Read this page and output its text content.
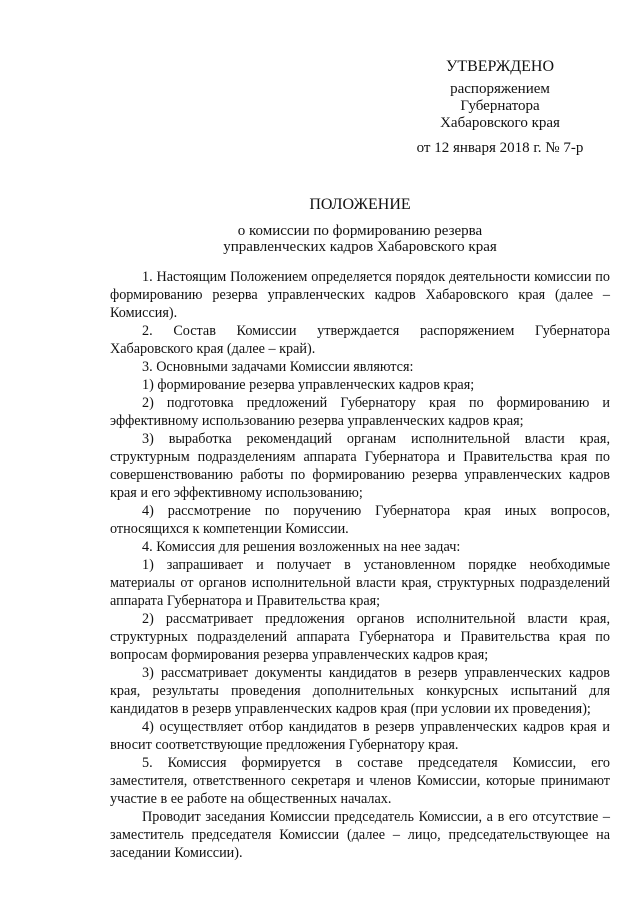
УТВЕРЖДЕНО
распоряжением
Губернатора
Хабаровского края
от 12 января 2018 г. № 7-р
ПОЛОЖЕНИЕ
о комиссии по формированию резерва
управленческих кадров Хабаровского края

1. Настоящим Положением определяется порядок деятельности комиссии по формированию резерва управленческих кадров Хабаровского края (далее – Комиссия).

2. Состав Комиссии утверждается распоряжением Губернатора Хабаровского края (далее – край).

3. Основными задачами Комиссии являются:

1) формирование резерва управленческих кадров края;

2) подготовка предложений Губернатору края по формированию и эффективному использованию резерва управленческих кадров края;

3) выработка рекомендаций органам исполнительной власти края, структурным подразделениям аппарата Губернатора и Правительства края по совершенствованию работы по формированию резерва управленческих кадров края и его эффективному использованию;

4) рассмотрение по поручению Губернатора края иных вопросов, относящихся к компетенции Комиссии.

4. Комиссия для решения возложенных на нее задач:

1) запрашивает и получает в установленном порядке необходимые материалы от органов исполнительной власти края, структурных подразделений аппарата Губернатора и Правительства края;

2) рассматривает предложения органов исполнительной власти края, структурных подразделений аппарата Губернатора и Правительства края по вопросам формирования резерва управленческих кадров края;

3) рассматривает документы кандидатов в резерв управленческих кадров края, результаты проведения дополнительных конкурсных испытаний для кандидатов в резерв управленческих кадров края (при условии их проведения);

4) осуществляет отбор кандидатов в резерв управленческих кадров края и вносит соответствующие предложения Губернатору края.

5. Комиссия формируется в составе председателя Комиссии, его заместителя, ответственного секретаря и членов Комиссии, которые принимают участие в ее работе на общественных началах.

Проводит заседания Комиссии председатель Комиссии, а в его отсутствие – заместитель председателя Комиссии (далее – лицо, председательствующее на заседании Комиссии).
